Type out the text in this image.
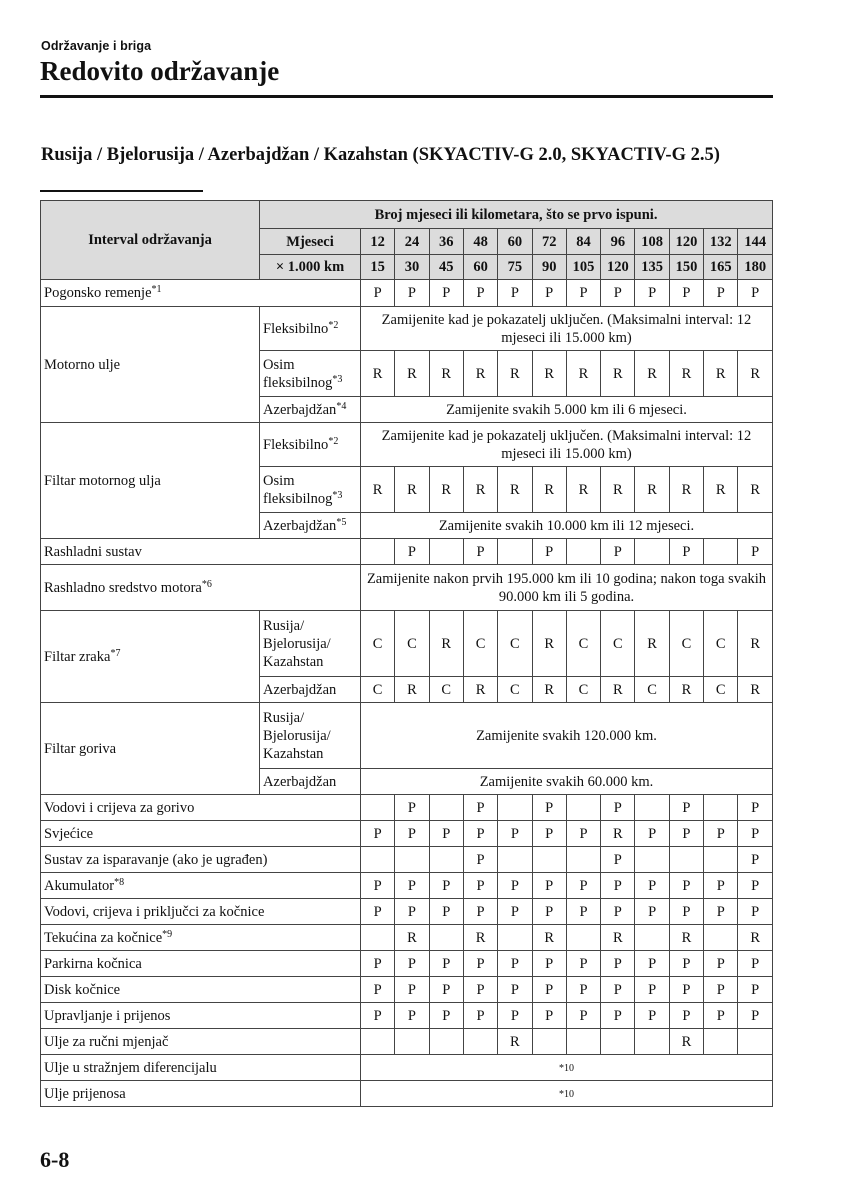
Održavanje i briga
Redovito održavanje
Rusija / Bjelorusija / Azerbajdžan / Kazahstan (SKYACTIV-G 2.0, SKYACTIV-G 2.5)
Interval održavanja	Broj mjeseci ili kilometara, što se prvo ispuni.												
	Mjeseci	12	24	36	48	60	72	84	96	108	120	132	144
	× 1.000 km	15	30	45	60	75	90	105	120	135	150	165	180
Pogonsko remenje$^{*1}$		P	P	P	P	P	P	P	P	P	P	P	P
Motorno ulje	Fleksibilno$^{*2}$	Zamijenite kad je pokazatelj uključen. (Maksimalni interval: 12 mjeseci ili 15.000 km)											
	Osim fleksibilnog$^{*3}$	R	R	R	R	R	R	R	R	R	R	R	R
	Azerbajdžan$^{*4}$	Zamijenite svakih 5.000 km ili 6 mjeseci.											
Filtar motornog ulja	Fleksibilno$^{*2}$	Zamijenite kad je pokazatelj uključen. (Maksimalni interval: 12 mjeseci ili 15.000 km)											
	Osim fleksibilnog$^{*3}$	R	R	R	R	R	R	R	R	R	R	R	R
	Azerbajdžan$^{*5}$	Zamijenite svakih 10.000 km ili 12 mjeseci.											
Rashladni sustav			P		P		P		P		P		P
Rashladno sredstvo motora$^{*6}$		Zamijenite nakon prvih 195.000 km ili 10 godina; nakon toga svakih 90.000 km ili 5 godina.											
Filtar zraka$^{*7}$	Rusija/ Bjelorusija/ Kazahstan	C	C	R	C	C	R	C	C	R	C	C	R
	Azerbajdžan	C	R	C	R	C	R	C	R	C	R	C	R
Filtar goriva	Rusija/ Bjelorusija/ Kazahstan	Zamijenite svakih 120.000 km.											
	Azerbajdžan	Zamijenite svakih 60.000 km.											
Vodovi i crijeva za gorivo			P		P		P		P		P		P
Svjećice		P	P	P	P	P	P	P	R	P	P	P	P
Sustav za isparavanje (ako je ugrađen)					P				P				P
Akumulator$^{*8}$		P	P	P	P	P	P	P	P	P	P	P	P
Vodovi, crijeva i priključci za kočnice		P	P	P	P	P	P	P	P	P	P	P	P
Tekućina za kočnice$^{*9}$			R		R		R		R		R		R
Parkirna kočnica		P	P	P	P	P	P	P	P	P	P	P	P
Disk kočnice		P	P	P	P	P	P	P	P	P	P	P	P
Upravljanje i prijenos		P	P	P	P	P	P	P	P	P	P	P	P
Ulje za ručni mjenjač						R					R		
Ulje u stražnjem diferencijalu		*10											
Ulje prijenosa		*10											
6-8
